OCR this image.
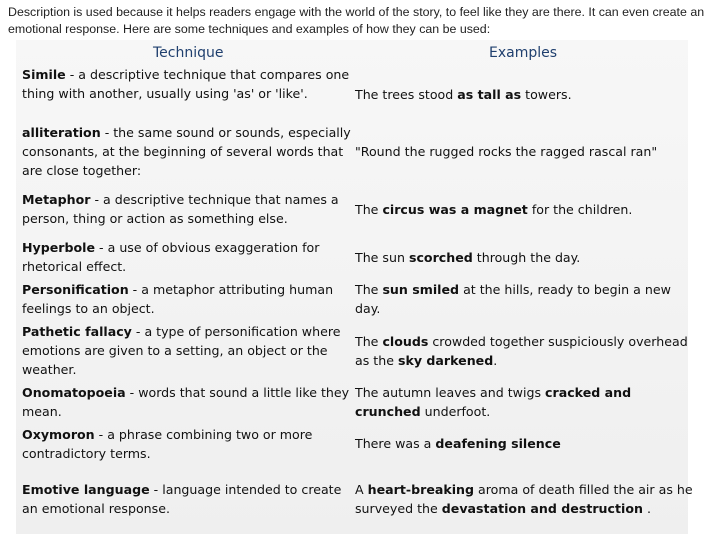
Description is used because it helps readers engage with the world of the story, to feel like they are there. It can even create an emotional response. Here are some techniques and examples of how they can be used:
Technique	Examples
Simile - a descriptive technique that compares one thing with another, usually using 'as' or 'like'.	The trees stood as tall as towers.
alliteration - the same sound or sounds, especially consonants, at the beginning of several words that are close together:
"Round the rugged rocks the ragged rascal ran"
Metaphor - a descriptive technique that names a person, thing or action as something else.
The circus was a magnet for the children.
Hyperbole - a use of obvious exaggeration for rhetorical effect.
The sun scorched through the day.
Personification - a metaphor attributing human feelings to an object.
The sun smiled at the hills, ready to begin a new day.
Pathetic fallacy - a type of personification where emotions are given to a setting, an object or the weather.
The clouds crowded together suspiciously overhead as the sky darkened.
Onomatopoeia - words that sound a little like they mean.
The autumn leaves and twigs cracked and crunched underfoot.
Oxymoron - a phrase combining two or more contradictory terms.
There was a deafening silence
Emotive language - language intended to create an emotional response.
A heart-breaking aroma of death filled the air as he surveyed the devastation and destruction .
